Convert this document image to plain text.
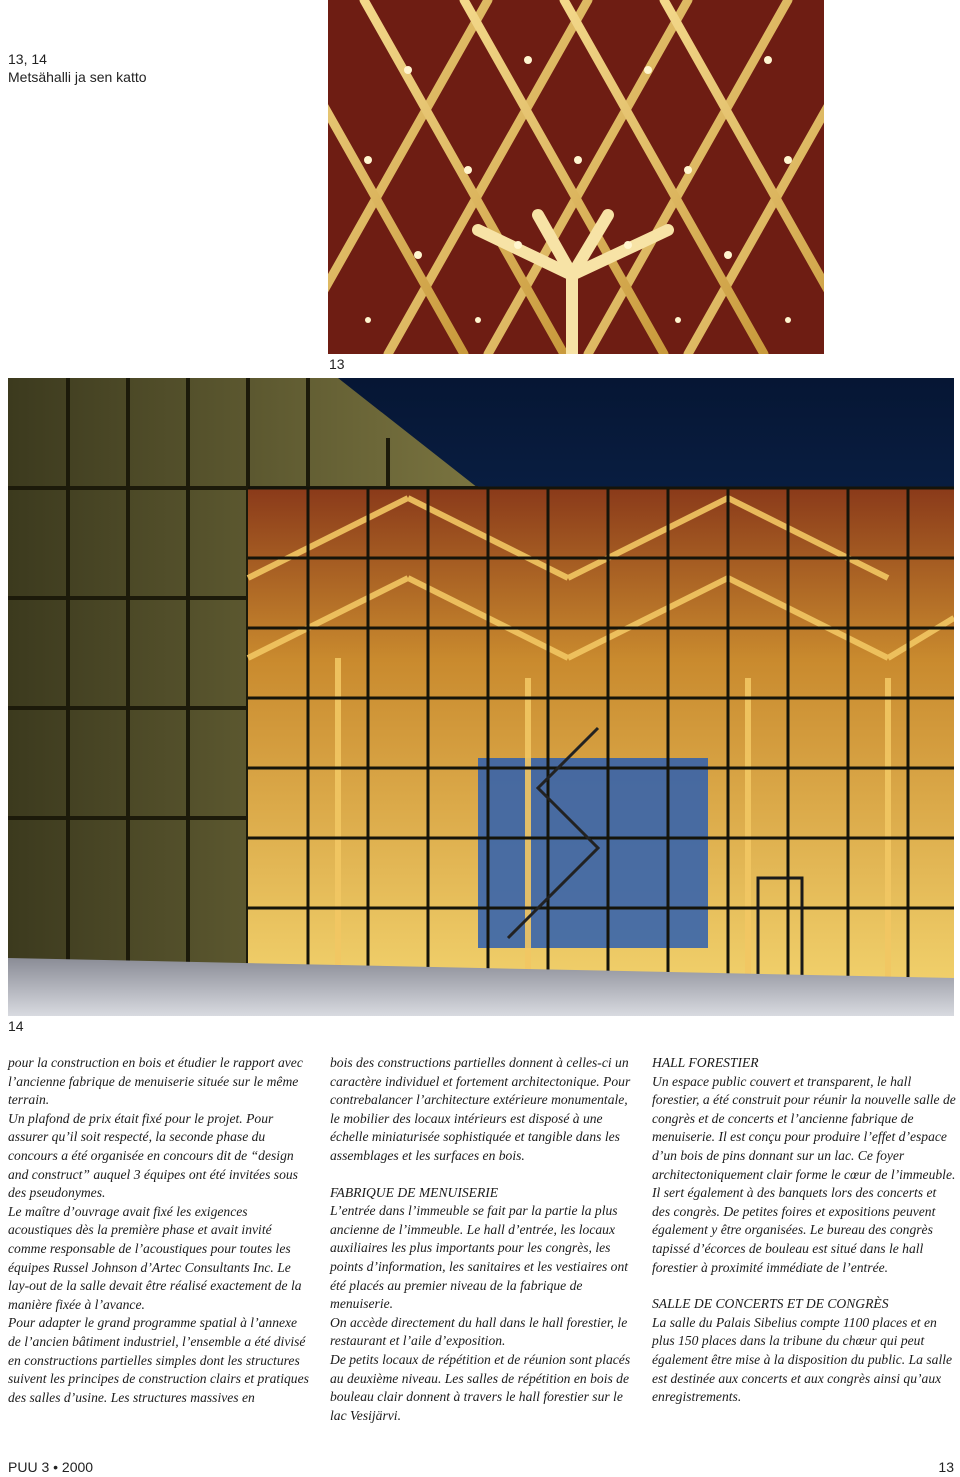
13, 14
Metsähalli ja sen katto
13
14

pour la construction en bois et étudier le rapport avec l’ancienne fabrique de menuiserie située sur le même terrain.

Un plafond de prix était fixé pour le projet. Pour assurer qu’il soit respecté, la seconde phase du concours a été organisée en concours dit de “design and construct” auquel 3 équipes ont été invitées sous des pseudonymes.

Le maître d’ouvrage avait fixé les exigences acoustiques dès la première phase et avait invité comme responsable de l’acoustiques pour toutes les équipes Russel Johnson d’Artec Consultants Inc. Le lay-out de la salle devait être réalisé exactement de la manière fixée à l’avance.

Pour adapter le grand programme spatial à l’annexe de l’ancien bâtiment industriel, l’ensemble a été divisé en constructions partielles simples dont les structures suivent les principes de construction clairs et pratiques des salles d’usine. Les structures massives en

bois des constructions partielles donnent à celles-ci un caractère individuel et fortement architectonique. Pour contrebalancer l’architecture extérieure monumentale, le mobilier des locaux intérieurs est disposé à une échelle miniaturisée sophistiquée et tangible dans les assemblages et les surfaces en bois.

FABRIQUE DE MENUISERIE

L’entrée dans l’immeuble se fait par la partie la plus ancienne de l’immeuble. Le hall d’entrée, les locaux auxiliaires les plus importants pour les congrès, les points d’information, les sanitaires et les vestiaires ont été placés au premier niveau de la fabrique de menuiserie.

On accède directement du hall dans le hall forestier, le restaurant et l’aile d’exposition.

De petits locaux de répétition et de réunion sont placés au deuxième niveau. Les salles de répétition en bois de bouleau clair donnent à travers le hall forestier sur le lac Vesijärvi.

HALL FORESTIER

Un espace public couvert et transparent, le hall forestier, a été construit pour réunir la nouvelle salle de congrès et de concerts et l’ancienne fabrique de menuiserie. Il est conçu pour produire l’effet d’espace d’un bois de pins donnant sur un lac. Ce foyer architectoniquement clair forme le cœur de l’immeuble. Il sert également à des banquets lors des concerts et des congrès. De petites foires et expositions peuvent également y être organisées. Le bureau des congrès tapissé d’écorces de bouleau est situé dans le hall forestier à proximité immédiate de l’entrée.

SALLE DE CONCERTS ET DE CONGRÈS

La salle du Palais Sibelius compte 1100 places et en plus 150 places dans la tribune du chœur qui peut également être mise à la disposition du public. La salle est destinée aux concerts et aux congrès ainsi qu’aux enregistrements.

PUU 3 • 2000	13
